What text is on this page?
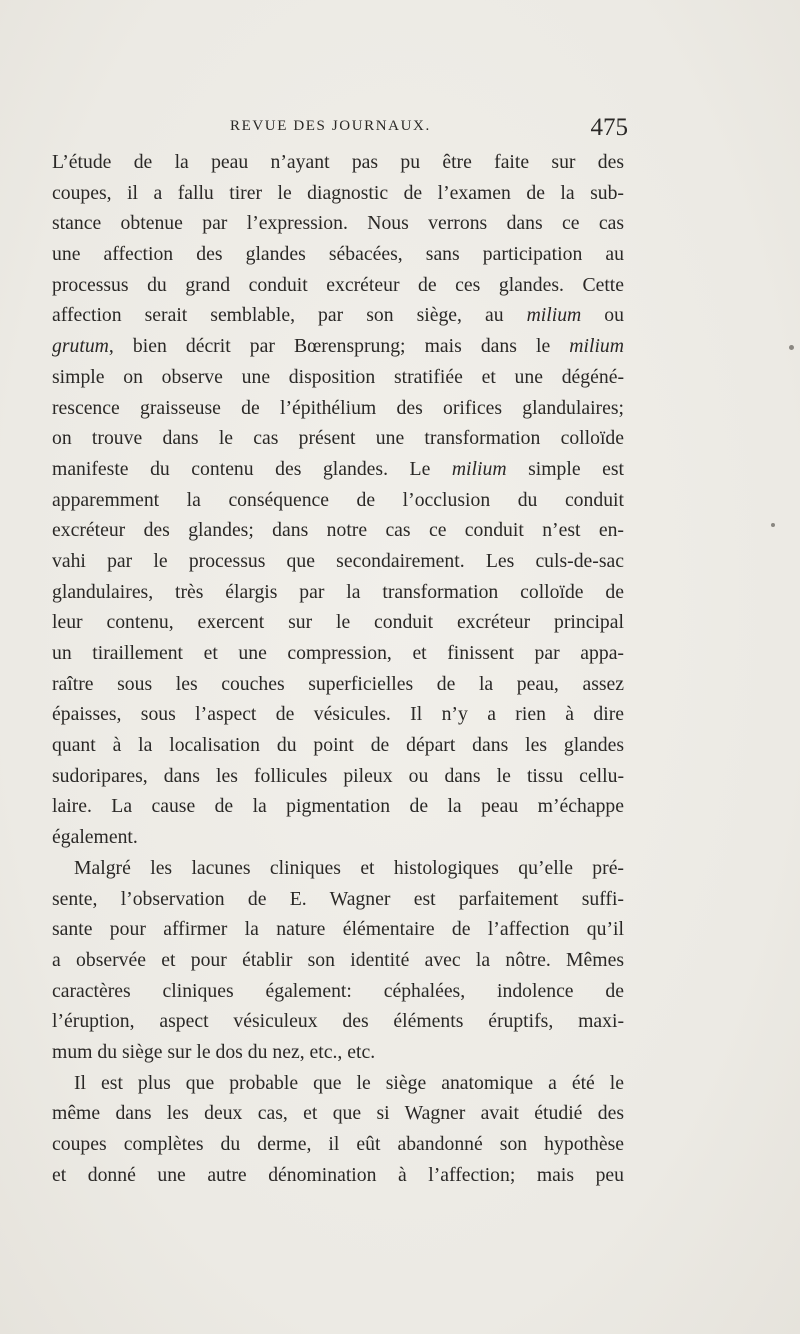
REVUE DES JOURNAUX.	475
L’étude de la peau n’ayant pas pu être faite sur des
coupes, il a fallu tirer le diagnostic de l’examen de la sub-
stance obtenue par l’expression. Nous verrons dans ce cas
une affection des glandes sébacées, sans participation au
processus du grand conduit excréteur de ces glandes. Cette
affection serait semblable, par son siège, au milium ou
grutum, bien décrit par Bœrensprung; mais dans le milium
simple on observe une disposition stratifiée et une dégéné-
rescence graisseuse de l’épithélium des orifices glandulaires;
on trouve dans le cas présent une transformation colloïde
manifeste du contenu des glandes. Le milium simple est
apparemment la conséquence de l’occlusion du conduit
excréteur des glandes; dans notre cas ce conduit n’est en-
vahi par le processus que secondairement. Les culs-de-sac
glandulaires, très élargis par la transformation colloïde de
leur contenu, exercent sur le conduit excréteur principal
un tiraillement et une compression, et finissent par appa-
raître sous les couches superficielles de la peau, assez
épaisses, sous l’aspect de vésicules. Il n’y a rien à dire
quant à la localisation du point de départ dans les glandes
sudoripares, dans les follicules pileux ou dans le tissu cellu-
laire. La cause de la pigmentation de la peau m’échappe
également.
Malgré les lacunes cliniques et histologiques qu’elle pré-
sente, l’observation de E. Wagner est parfaitement suffi-
sante pour affirmer la nature élémentaire de l’affection qu’il
a observée et pour établir son identité avec la nôtre. Mêmes
caractères cliniques également: céphalées, indolence de
l’éruption, aspect vésiculeux des éléments éruptifs, maxi-
mum du siège sur le dos du nez, etc., etc.
Il est plus que probable que le siège anatomique a été le
même dans les deux cas, et que si Wagner avait étudié des
coupes complètes du derme, il eût abandonné son hypothèse
et donné une autre dénomination à l’affection; mais peu
